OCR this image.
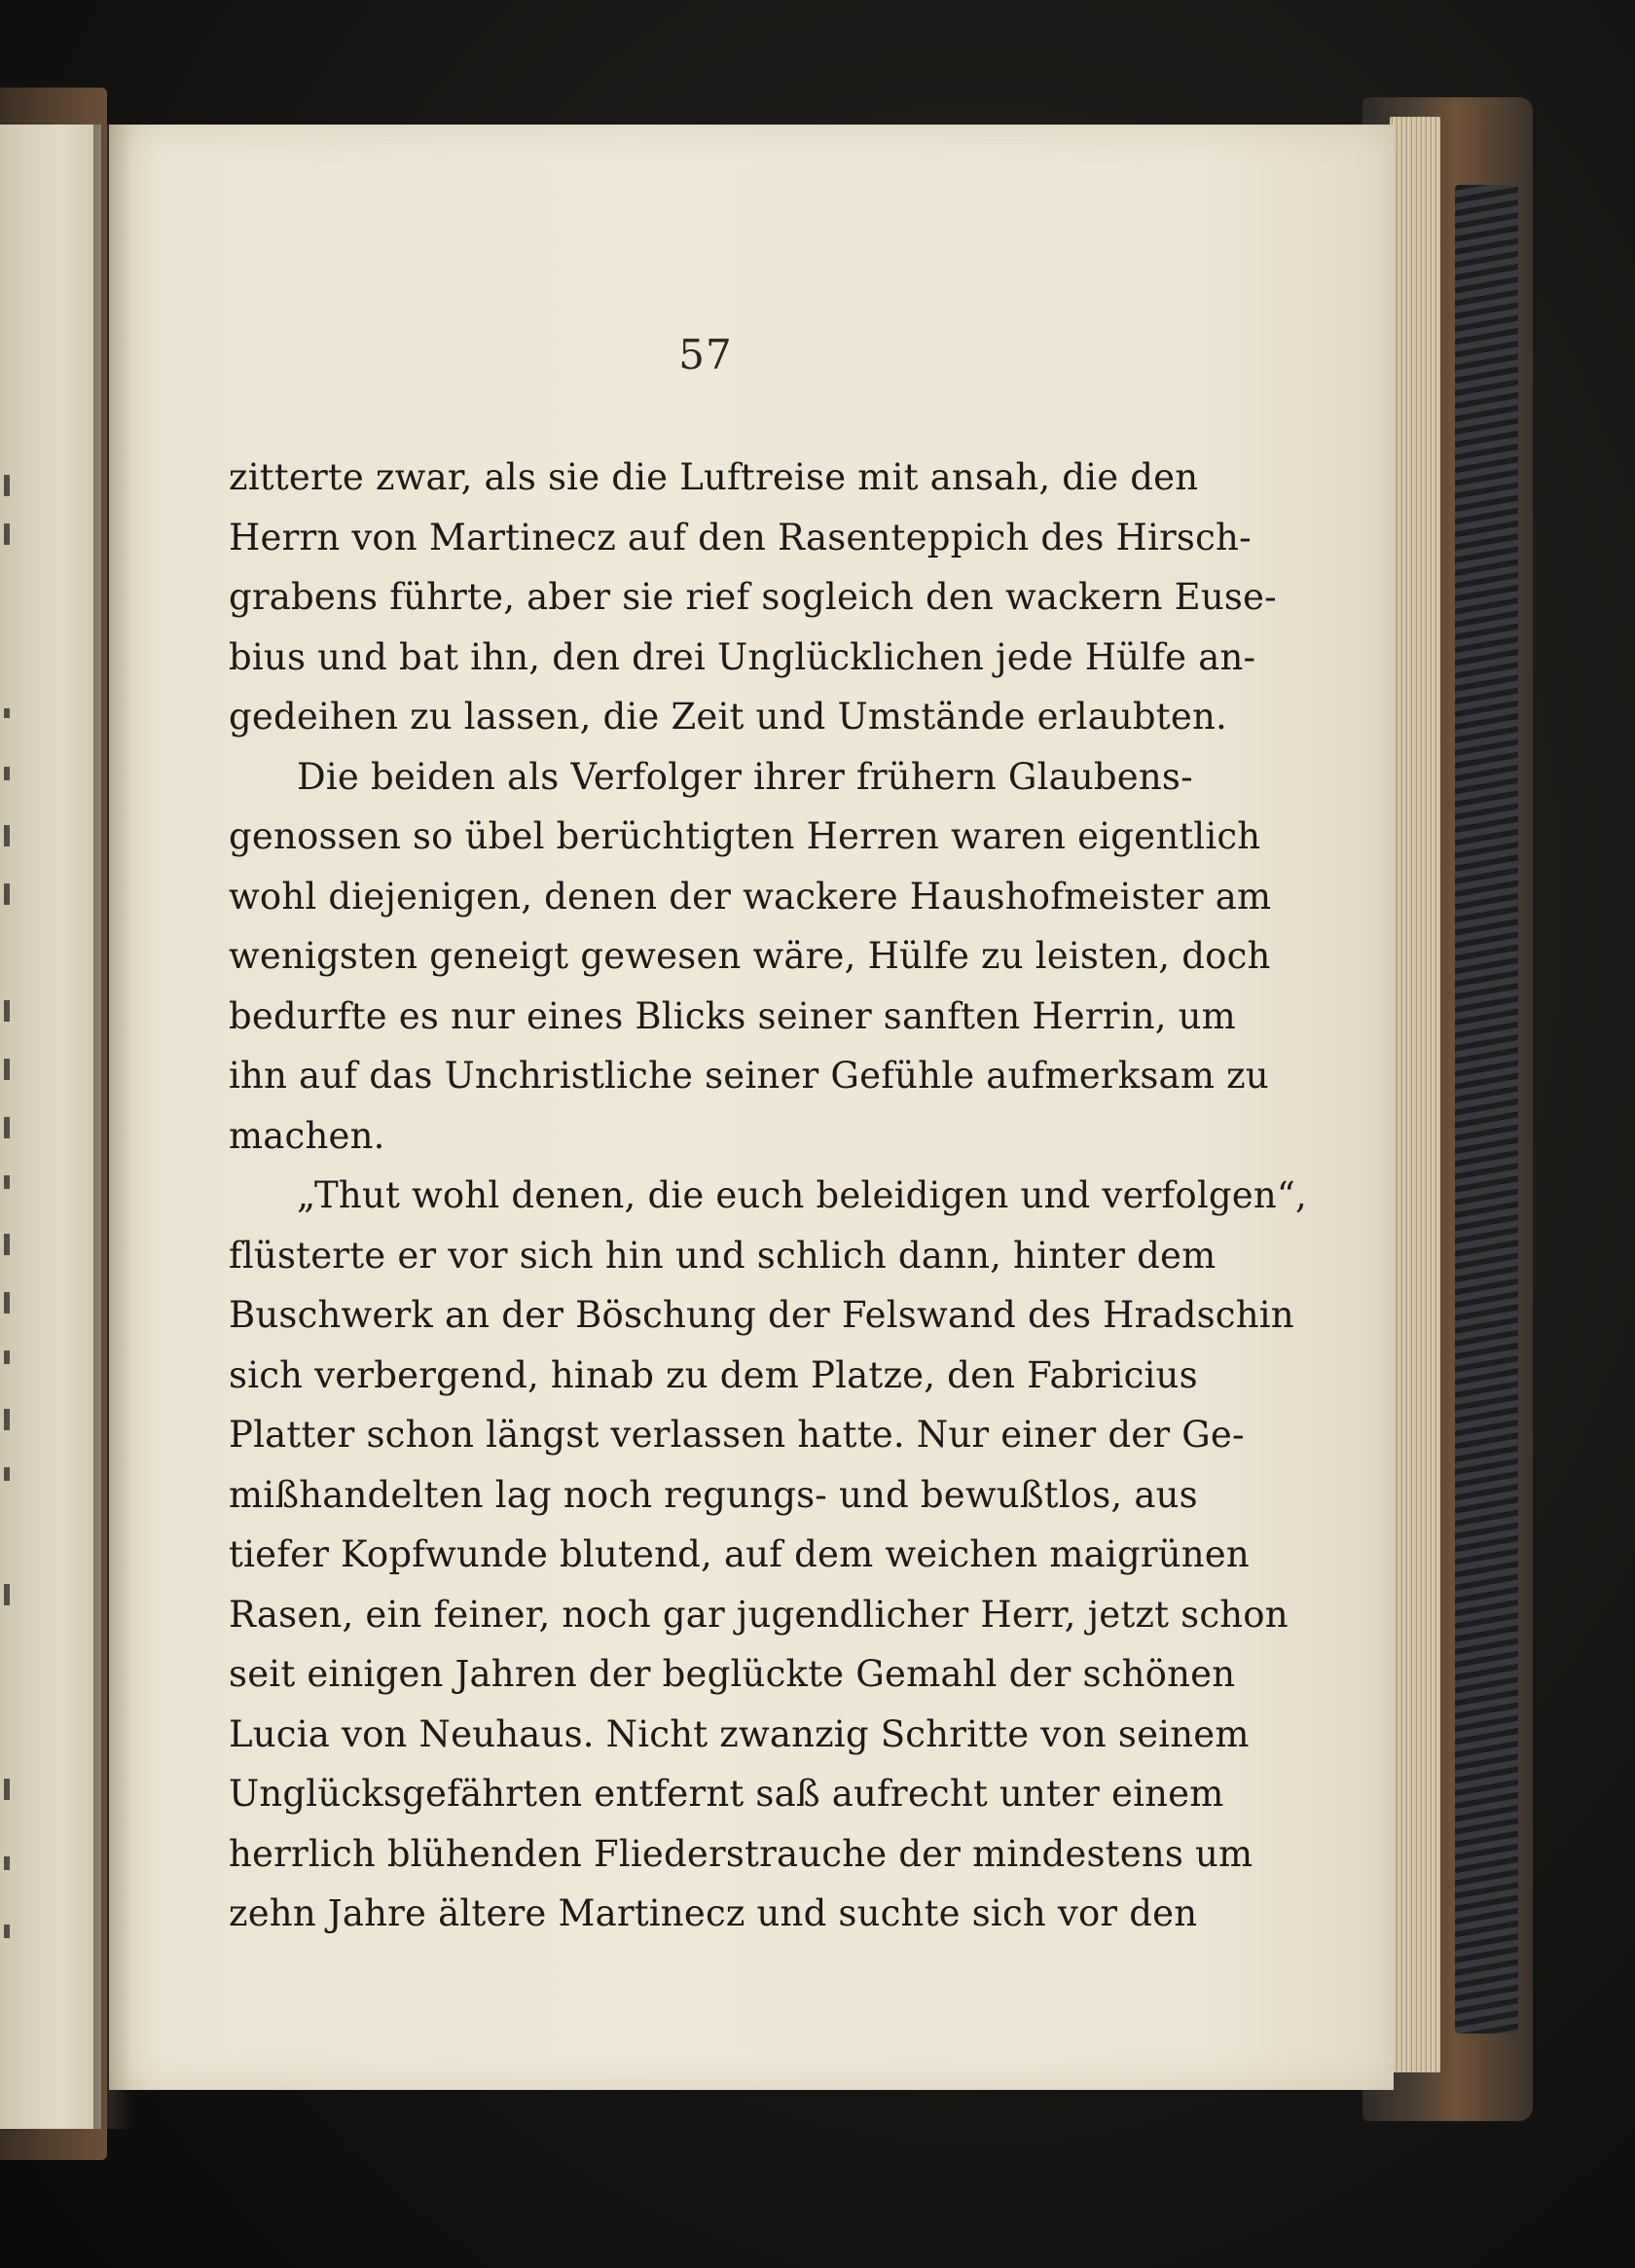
57
zitterte zwar, als sie die Luftreise mit ansah, die den
Herrn von Martinecz auf den Rasenteppich des Hirsch-
grabens führte, aber sie rief sogleich den wackern Euse-
bius und bat ihn, den drei Unglücklichen jede Hülfe an-
gedeihen zu lassen, die Zeit und Umstände erlaubten.
Die beiden als Verfolger ihrer frühern Glaubens-
genossen so übel berüchtigten Herren waren eigentlich
wohl diejenigen, denen der wackere Haushofmeister am
wenigsten geneigt gewesen wäre, Hülfe zu leisten, doch
bedurfte es nur eines Blicks seiner sanften Herrin, um
ihn auf das Unchristliche seiner Gefühle aufmerksam zu
machen.
„Thut wohl denen, die euch beleidigen und verfolgen“,
flüsterte er vor sich hin und schlich dann, hinter dem
Buschwerk an der Böschung der Felswand des Hradschin
sich verbergend, hinab zu dem Platze, den Fabricius
Platter schon längst verlassen hatte. Nur einer der Ge-
mißhandelten lag noch regungs- und bewußtlos, aus
tiefer Kopfwunde blutend, auf dem weichen maigrünen
Rasen, ein feiner, noch gar jugendlicher Herr, jetzt schon
seit einigen Jahren der beglückte Gemahl der schönen
Lucia von Neuhaus. Nicht zwanzig Schritte von seinem
Unglücksgefährten entfernt saß aufrecht unter einem
herrlich blühenden Fliederstrauche der mindestens um
zehn Jahre ältere Martinecz und suchte sich vor den
